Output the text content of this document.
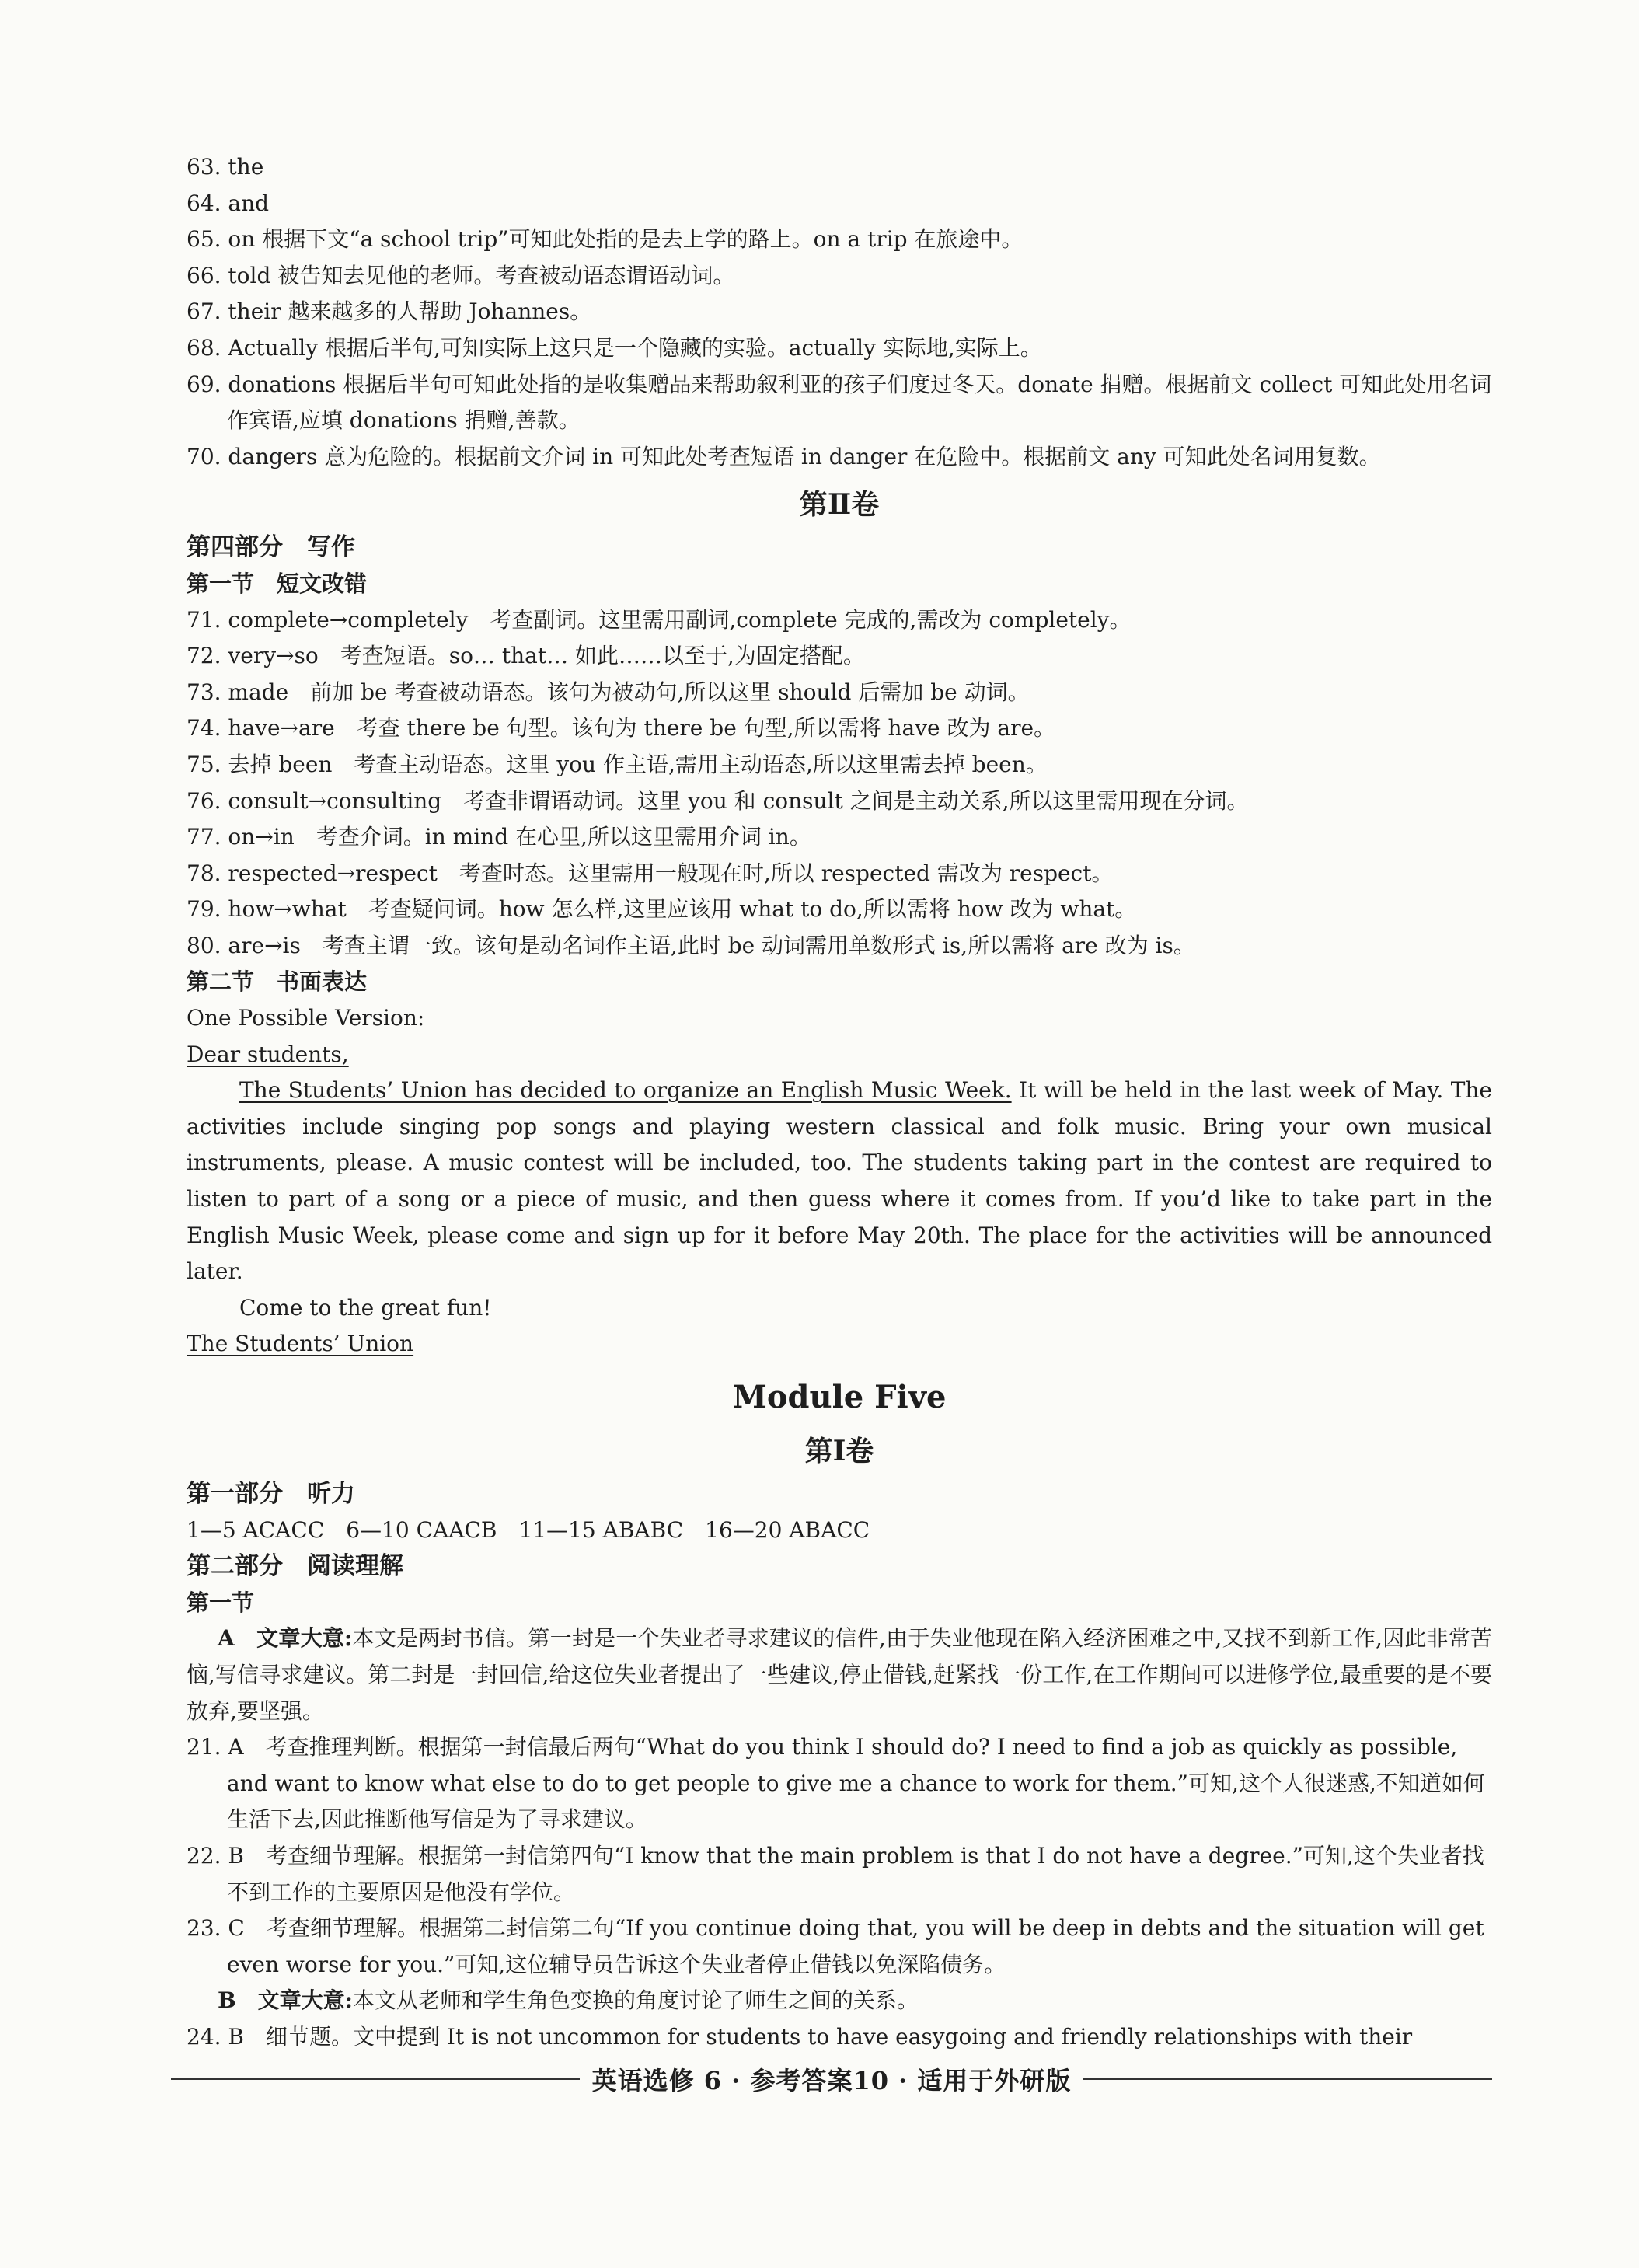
63. the
64. and
65. on 根据下文“a school trip”可知此处指的是去上学的路上。on a trip 在旅途中。
66. told 被告知去见他的老师。考查被动语态谓语动词。
67. their 越来越多的人帮助 Johannes。
68. Actually 根据后半句,可知实际上这只是一个隐藏的实验。actually 实际地,实际上。
69. donations 根据后半句可知此处指的是收集赠品来帮助叙利亚的孩子们度过冬天。donate 捐赠。根据前文 collect 可知此处用名词作宾语,应填 donations 捐赠,善款。
70. dangers 意为危险的。根据前文介词 in 可知此处考查短语 in danger 在危险中。根据前文 any 可知此处名词用复数。
第Ⅱ卷
第四部分　写作
第一节　短文改错
71. complete→completely　考查副词。这里需用副词,complete 完成的,需改为 completely。
72. very→so　考查短语。so… that… 如此……以至于,为固定搭配。
73. made　前加 be 考查被动语态。该句为被动句,所以这里 should 后需加 be 动词。
74. have→are　考查 there be 句型。该句为 there be 句型,所以需将 have 改为 are。
75. 去掉 been　考查主动语态。这里 you 作主语,需用主动语态,所以这里需去掉 been。
76. consult→consulting　考查非谓语动词。这里 you 和 consult 之间是主动关系,所以这里需用现在分词。
77. on→in　考查介词。in mind 在心里,所以这里需用介词 in。
78. respected→respect　考查时态。这里需用一般现在时,所以 respected 需改为 respect。
79. how→what　考查疑问词。how 怎么样,这里应该用 what to do,所以需将 how 改为 what。
80. are→is　考查主谓一致。该句是动名词作主语,此时 be 动词需用单数形式 is,所以需将 are 改为 is。
第二节　书面表达
One Possible Version:
Dear students,
The Students’ Union has decided to organize an English Music Week. It will be held in the last week of May. The activities include singing pop songs and playing western classical and folk music. Bring your own musical instruments, please. A music contest will be included, too. The students taking part in the contest are required to listen to part of a song or a piece of music, and then guess where it comes from. If you’d like to take part in the English Music Week, please come and sign up for it before May 20th. The place for the activities will be announced later.
Come to the great fun!
The Students’ Union
Module Five
第Ⅰ卷
第一部分　听力
1—5 ACACC　6—10 CAACB　11—15 ABABC　16—20 ABACC
第二部分　阅读理解
第一节
A　文章大意:本文是两封书信。第一封是一个失业者寻求建议的信件,由于失业他现在陷入经济困难之中,又找不到新工作,因此非常苦恼,写信寻求建议。第二封是一封回信,给这位失业者提出了一些建议,停止借钱,赶紧找一份工作,在工作期间可以进修学位,最重要的是不要放弃,要坚强。
21. A　考查推理判断。根据第一封信最后两句“What do you think I should do? I need to find a job as quickly as possible, and want to know what else to do to get people to give me a chance to work for them.”可知,这个人很迷惑,不知道如何生活下去,因此推断他写信是为了寻求建议。
22. B　考查细节理解。根据第一封信第四句“I know that the main problem is that I do not have a degree.”可知,这个失业者找不到工作的主要原因是他没有学位。
23. C　考查细节理解。根据第二封信第二句“If you continue doing that, you will be deep in debts and the situation will get even worse for you.”可知,这位辅导员告诉这个失业者停止借钱以免深陷债务。
B　文章大意:本文从老师和学生角色变换的角度讨论了师生之间的关系。
24. B　细节题。文中提到 It is not uncommon for students to have easygoing and friendly relationships with their
英语选修 6 · 参考答案10 · 适用于外研版
